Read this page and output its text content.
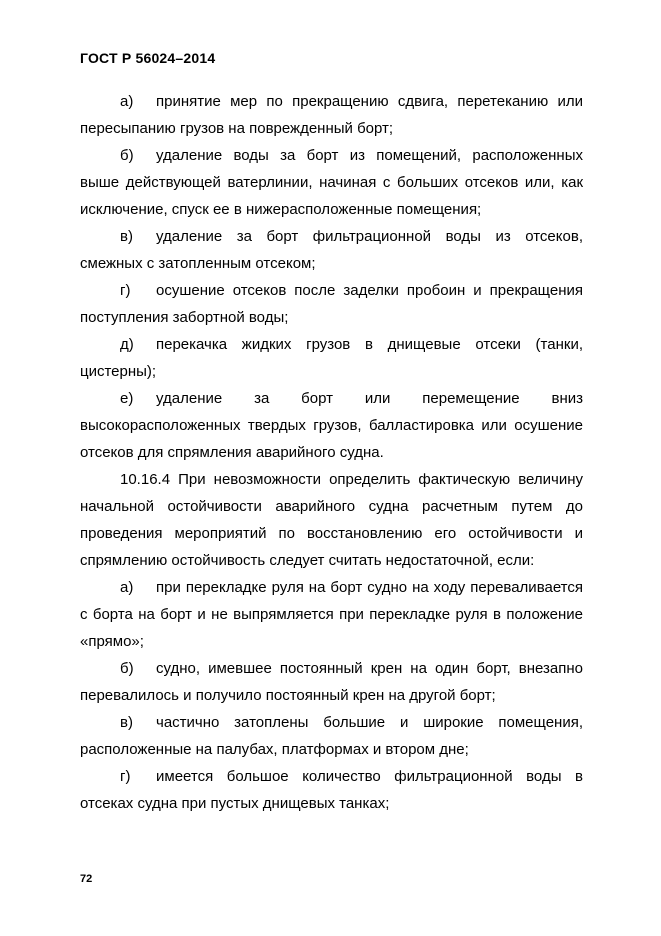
ГОСТ Р 56024–2014

а) принятие мер по прекращению сдвига, перетеканию или пересыпанию грузов на поврежденный борт;

б) удаление воды за борт из помещений, расположенных выше действующей ватерлинии, начиная с больших отсеков или, как исключение, спуск ее в нижерасположенные помещения;

в) удаление за борт фильтрационной воды из отсеков, смежных с затопленным отсеком;

г) осушение отсеков после заделки пробоин и прекращения поступления забортной воды;

д) перекачка жидких грузов в днищевые отсеки (танки, цистерны);

е) удаление за борт или перемещение вниз высокорасположенных твердых грузов, балластировка или осушение отсеков для спрямления аварийного судна.

10.16.4 При невозможности определить фактическую величину начальной остойчивости аварийного судна расчетным путем до проведения мероприятий по восстановлению его остойчивости и спрямлению остойчивость следует считать недостаточной, если:

а) при перекладке руля на борт судно на ходу переваливается с борта на борт и не выпрямляется при перекладке руля в положение «прямо»;

б) судно, имевшее постоянный крен на один борт, внезапно перевалилось и получило постоянный крен на другой борт;

в) частично затоплены большие и широкие помещения, расположенные на палубах, платформах и втором дне;

г) имеется большое количество фильтрационной воды в отсеках судна при пустых днищевых танках;

72
